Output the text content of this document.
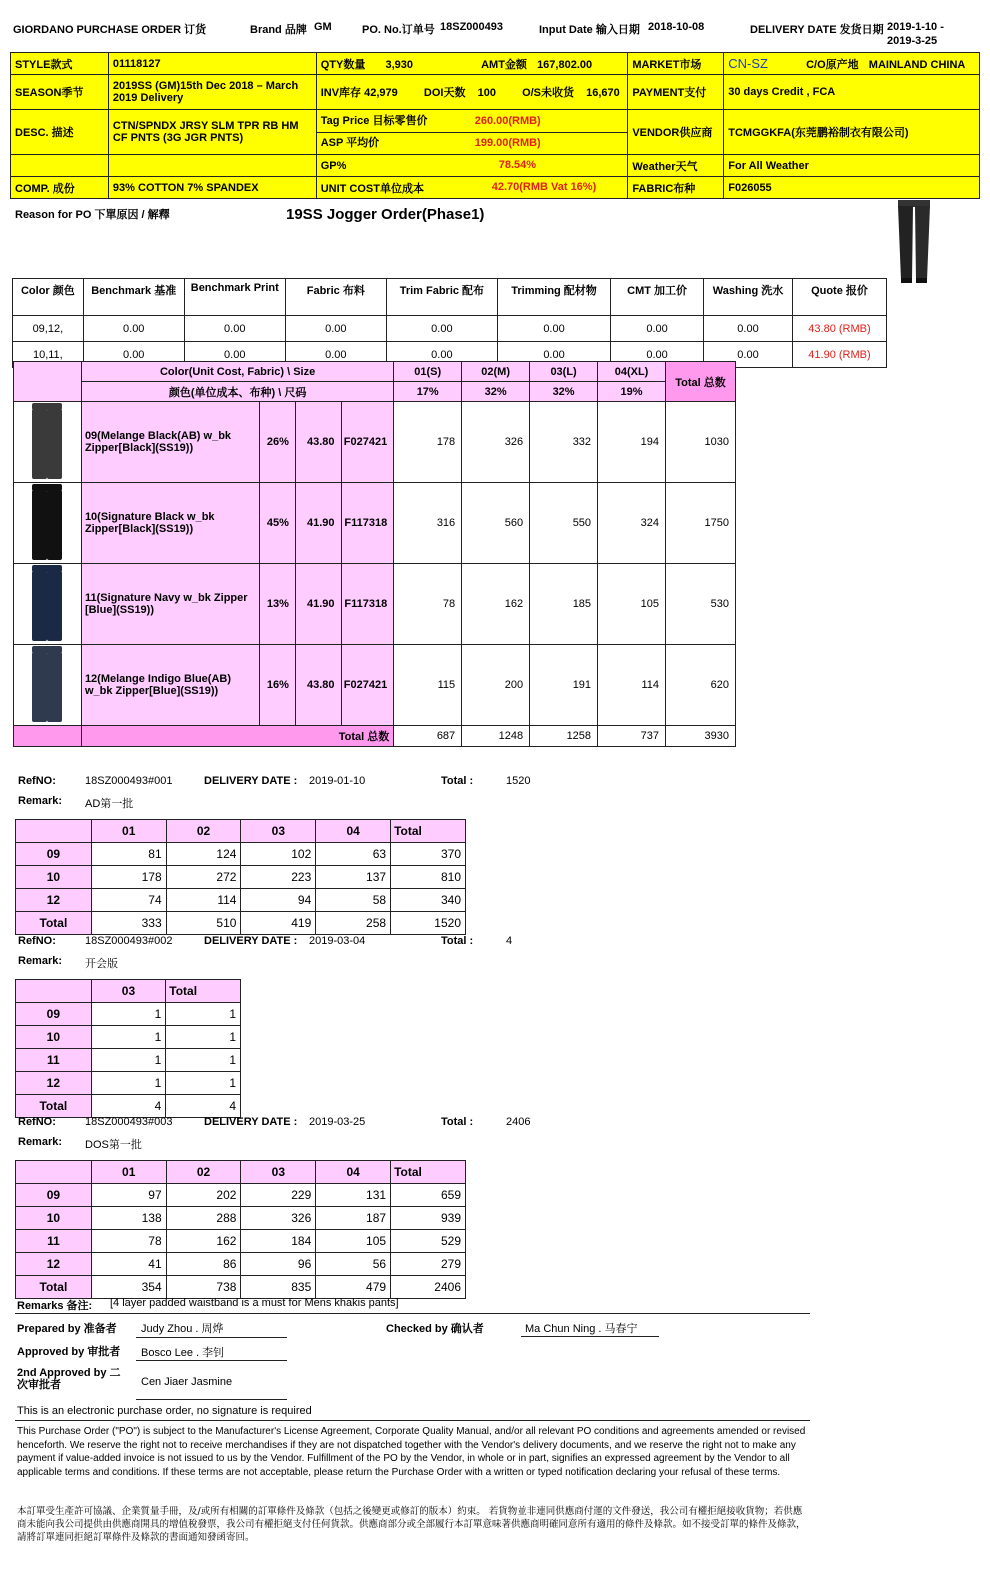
GIORDANO PURCHASE ORDER 订货	Brand 品牌 GM	PO. No.订单号 18SZ000493	Input Date 输入日期 2018-10-08	DELIVERY DATE 发货日期 2019-1-10 -
2019-3-25
STYLE款式	01118127	QTY数量 3,930 AMT金额 167,802.00	MARKET市场	CN-SZ C/O原产地 MAINLAND CHINA
SEASON季节	2019SS (GM)15th Dec 2018 – March 2019 Delivery	INV库存 42,979 DOI天数 100 O/S未收货 16,670	PAYMENT支付	30 days Credit , FCA
DESC. 描述	CTN/SPNDX JRSY SLM TPR RB HM CF PNTS (3G JGR PNTS)	Tag Price 目标零售价 260.00(RMB)
ASP 平均价 199.00(RMB)	VENDOR供应商	TCMGGKFA(东莞鹏裕制衣有限公司)
		GP% 78.54%	Weather天气	For All Weather
COMP. 成份	93% COTTON 7% SPANDEX	UNIT COST单位成本 42.70(RMB Vat 16%)	FABRIC布种	F026055
Reason for PO 下單原因 / 解釋	19SS Jogger Order(Phase1)
Color 颜色	Benchmark 基准	Benchmark Print	Fabric 布料	Trim Fabric 配布	Trimming 配材物	CMT 加工价	Washing 洗水	Quote 报价
09,12,	0.00	0.00	0.00	0.00	0.00	0.00	0.00	43.80 (RMB)
10,11,	0.00	0.00	0.00	0.00	0.00	0.00	0.00	41.90 (RMB)
	Color(Unit Cost, Fabric) \ Size				01(S)	02(M)	03(L)	04(XL)	Total 总数
	颜色(单位成本、布种) \ 尺码				17%	32%	32%	19%	

	09(Melange Black(AB) w_bk Zipper[Black](SS19))	26%	43.80	F027421	178	326	332	194	1030

	10(Signature Black w_bk Zipper[Black](SS19))	45%	41.90	F117318	316	560	550	324	1750

	11(Signature Navy w_bk Zipper [Blue](SS19))	13%	41.90	F117318	78	162	185	105	530

	12(Melange Indigo Blue(AB) w_bk Zipper[Blue](SS19))	16%	43.80	F027421	115	200	191	114	620
	Total 总数				687	1248	1258	737	3930
RefNO:	18SZ000493#001	DELIVERY DATE : 2019-01-10	Total :	1520
Remark: AD第一批
	01	02	03	04	Total
09	81	124	102	63	370
10	178	272	223	137	810
12	74	114	94	58	340
Total	333	510	419	258	1520
RefNO:	18SZ000493#002	DELIVERY DATE : 2019-03-04	Total :	4
Remark: 开会版
	03	Total
09	1	1
10	1	1
11	1	1
12	1	1
Total	4	4
RefNO:	18SZ000493#003	DELIVERY DATE : 2019-03-25	Total :	2406
Remark: DOS第一批
	01	02	03	04	Total
09	97	202	229	131	659
10	138	288	326	187	939
11	78	162	184	105	529
12	41	86	96	56	279
Total	354	738	835	479	2406
Remarks 备注: [4 layer padded waistband is a must for Mens khakis pants]
Prepared by 准备者 Judy Zhou . 周烨	Checked by 确认者	Ma Chun Ning . 马春宁
Approved by 审批者 Bosco Lee . 李钊
2nd Approved by 二次审批者	Cen Jiaer Jasmine
This is an electronic purchase order, no signature is required
This Purchase Order ("PO") is subject to the Manufacturer's License Agreement, Corporate Quality Manual, and/or all relevant PO conditions and agreements amended or revised henceforth. We reserve the right not to receive merchandises if they are not dispatched together with the Vendor's delivery documents, and we reserve the right not to make any payment if value-added invoice is not issued to us by the Vendor. Fulfillment of the PO by the Vendor, in whole or in part, signifies an expressed agreement by the Vendor to all applicable terms and conditions. If these terms are not acceptable, please return the Purchase Order with a written or typed notification declaring your refusal of these terms.
本訂單受生產許可協議、企業質量手冊，及/或所有相關的訂單條件及條款（包括之後變更或修訂的版本）約束。 若貨物並非連同供應商付運的文件發送，我公司有權拒絕接收貨物；若供應商未能向我公司提供由供應商開具的增值稅發票，我公司有權拒絕支付任何貨款。供應商部分或全部履行本訂單意味著供應商明確同意所有適用的條件及條款。如不接受訂單的條件及條款，請將訂單連同拒絕訂單條件及條款的書面通知發函寄回。
